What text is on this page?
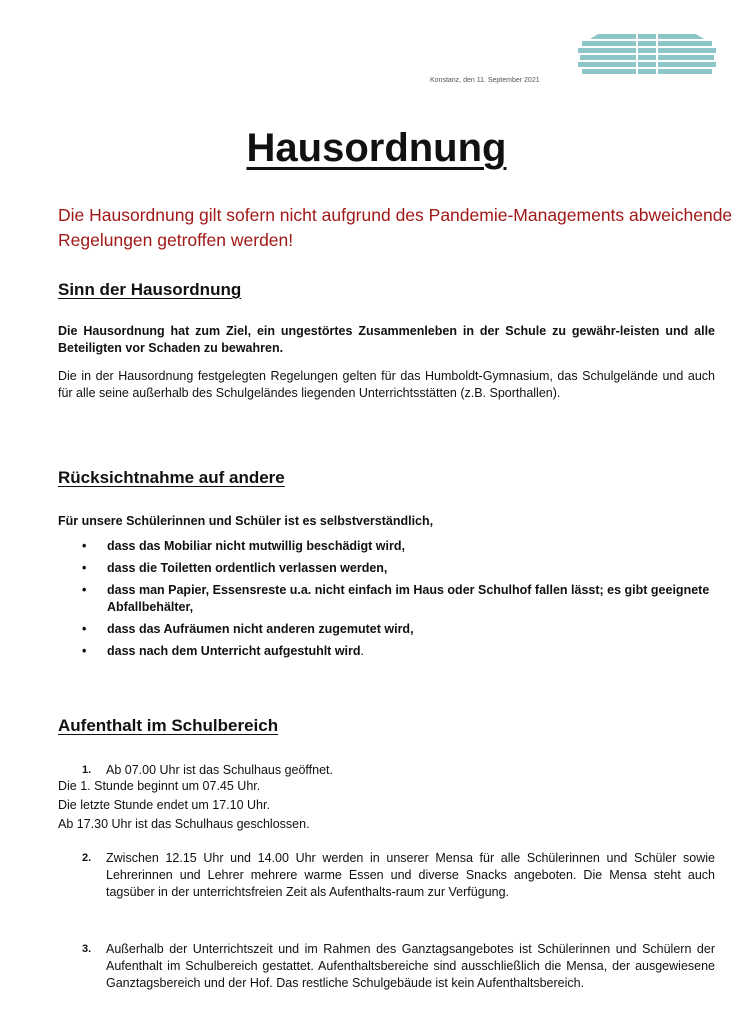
Konstanz, den 11. September 2021
Hausordnung
Die Hausordnung gilt sofern nicht aufgrund des Pandemie-Managements abweichende Regelungen getroffen werden!
Sinn der Hausordnung

Die Hausordnung hat zum Ziel, ein ungestörtes Zusammenleben in der Schule zu gewähr-leisten und alle Beteiligten vor Schaden zu bewahren.

Die in der Hausordnung festgelegten Regelungen gelten für das Humboldt-Gymnasium, das Schulgelände und auch für alle seine außerhalb des Schulgeländes liegenden Unterrichtsstätten (z.B. Sporthallen).

Rücksichtnahme auf andere

Für unsere Schülerinnen und Schüler ist es selbstverständlich,

• dass das Mobiliar nicht mutwillig beschädigt wird,
• dass die Toiletten ordentlich verlassen werden,
• dass man Papier, Essensreste u.a. nicht einfach im Haus oder Schulhof fallen lässt; es gibt geeignete Abfallbehälter,
• dass das Aufräumen nicht anderen zugemutet wird,
• dass nach dem Unterricht aufgestuhlt wird.
Aufenthalt im Schulbereich
1.	Ab 07.00 Uhr ist das Schulhaus geöffnet.

Die 1. Stunde beginnt um 07.45 Uhr.

Die letzte Stunde endet um 17.10 Uhr.

Ab 17.30 Uhr ist das Schulhaus geschlossen.

2.	Zwischen 12.15 Uhr und 14.00 Uhr werden in unserer Mensa für alle Schülerinnen und Schüler sowie Lehrerinnen und Lehrer mehrere warme Essen und diverse Snacks angeboten. Die Mensa steht auch tagsüber in der unterrichtsfreien Zeit als Aufenthalts-raum zur Verfügung.
3.	Außerhalb der Unterrichtszeit und im Rahmen des Ganztagsangebotes ist Schülerinnen und Schülern der Aufenthalt im Schulbereich gestattet. Aufenthaltsbereiche sind ausschließlich die Mensa, der ausgewiesene Ganztagsbereich und der Hof. Das restliche Schulgebäude ist kein Aufenthaltsbereich.
